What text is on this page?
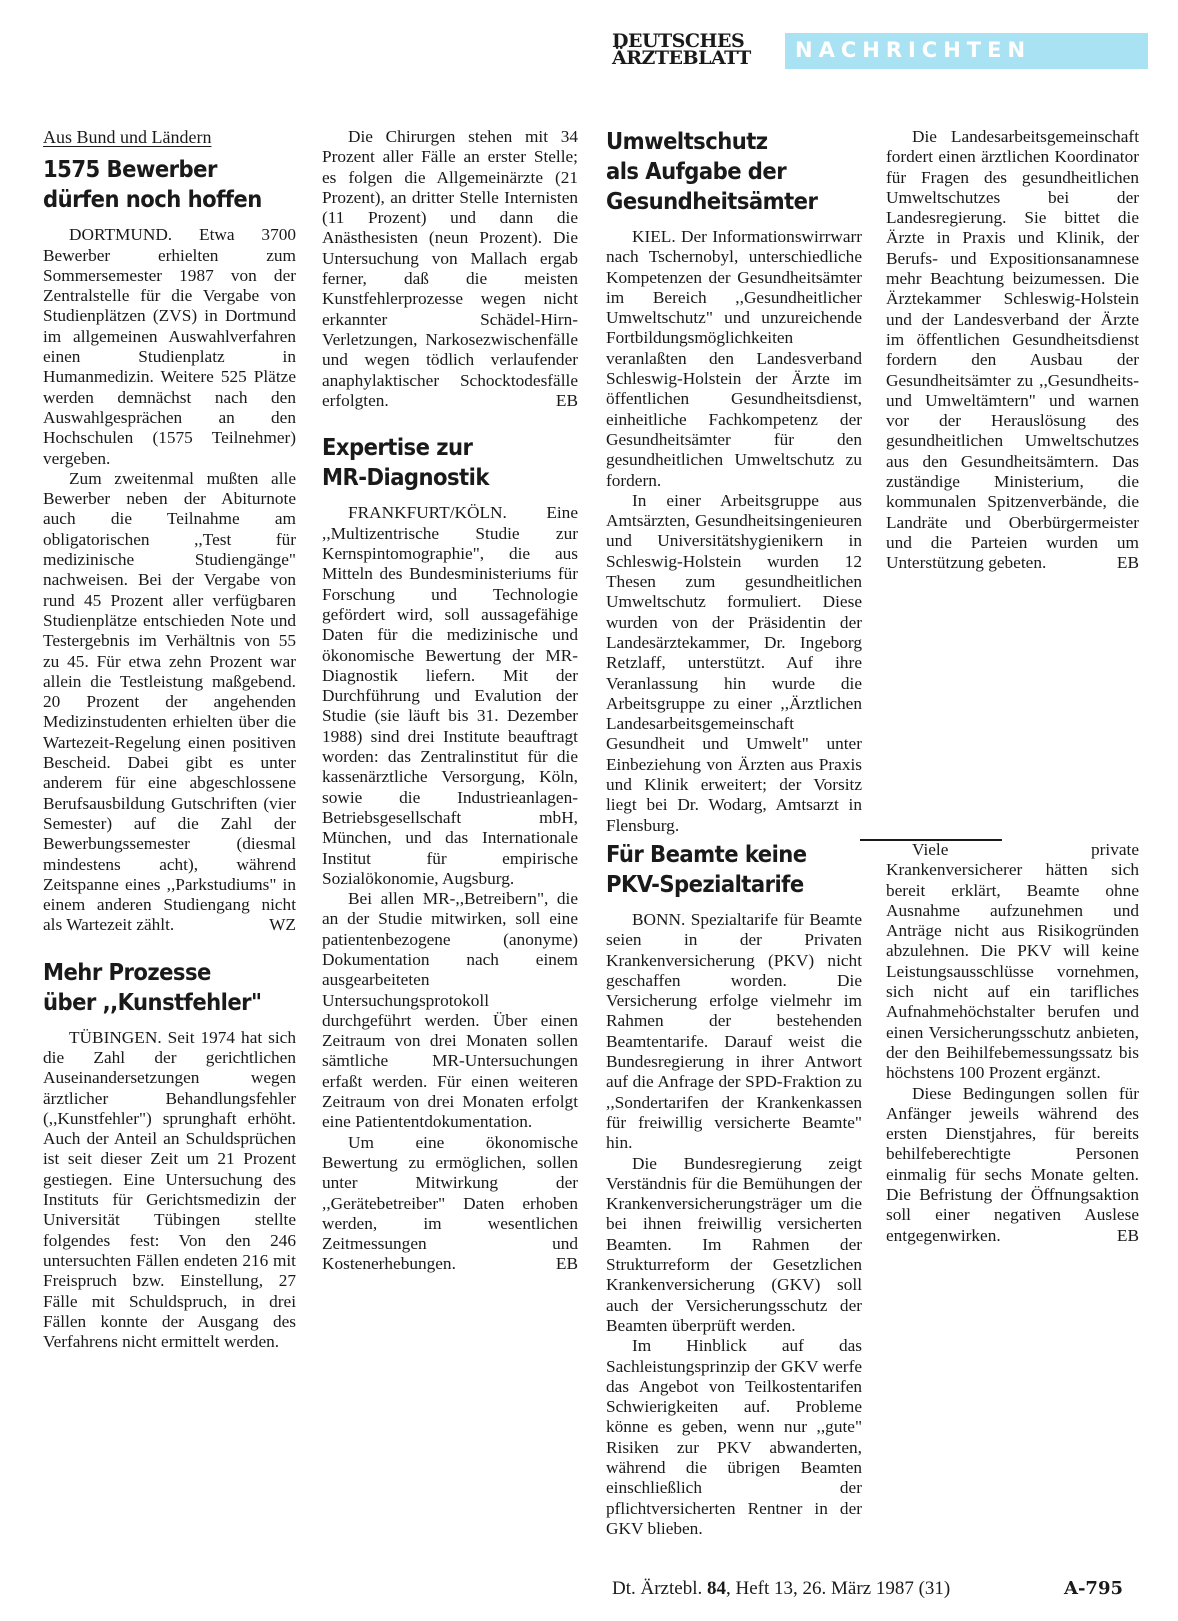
DEUTSCHES
ÄRZTEBLATT	NACHRICHTEN
Aus Bund und Ländern
1575 Bewerber
dürfen noch hoffen

DORTMUND. Etwa 3700 Bewerber erhielten zum Sommersemester 1987 von der Zentralstelle für die Vergabe von Studienplätzen (ZVS) in Dortmund im allgemeinen Auswahlverfahren einen Studienplatz in Humanmedizin. Weitere 525 Plätze werden demnächst nach den Auswahlgesprächen an den Hochschulen (1575 Teilnehmer) vergeben.

Zum zweitenmal mußten alle Bewerber neben der Abiturnote auch die Teilnahme am obligatorischen ,,Test für medizinische Studiengänge" nachweisen. Bei der Vergabe von rund 45 Prozent aller verfügbaren Studienplätze entschieden Note und Testergebnis im Verhältnis von 55 zu 45. Für etwa zehn Prozent war allein die Testleistung maßgebend. 20 Prozent der angehenden Medizinstudenten erhielten über die Wartezeit-Regelung einen positiven Bescheid. Dabei gibt es unter anderem für eine abgeschlossene Berufsausbildung Gutschriften (vier Semester) auf die Zahl der Bewerbungssemester (diesmal mindestens acht), während Zeitspanne eines ,,Parkstudiums" in einem anderen Studiengang nicht als Wartezeit zählt.	WZ

Mehr Prozesse
über ,,Kunstfehler"

TÜBINGEN. Seit 1974 hat sich die Zahl der gerichtlichen Auseinandersetzungen wegen ärztlicher Behandlungsfehler (,,Kunstfehler") sprunghaft erhöht. Auch der Anteil an Schuldsprüchen ist seit dieser Zeit um 21 Prozent gestiegen. Eine Untersuchung des Instituts für Gerichtsmedizin der Universität Tübingen stellte folgendes fest: Von den 246 untersuchten Fällen endeten 216 mit Freispruch bzw. Einstellung, 27 Fälle mit Schuldspruch, in drei Fällen konnte der Ausgang des Verfahrens nicht ermittelt werden.

Die Chirurgen stehen mit 34 Prozent aller Fälle an erster Stelle; es folgen die Allgemeinärzte (21 Prozent), an dritter Stelle Internisten (11 Prozent) und dann die Anästhesisten (neun Prozent). Die Untersuchung von Mallach ergab ferner, daß die meisten Kunstfehlerprozesse wegen nicht erkannter Schädel-Hirn-Verletzungen, Narkosezwischenfälle und wegen tödlich verlaufender anaphylaktischer Schocktodesfälle erfolgten.	EB

Expertise zur
MR-Diagnostik

FRANKFURT/KÖLN. Eine ,,Multizentrische Studie zur Kernspintomographie", die aus Mitteln des Bundesministeriums für Forschung und Technologie gefördert wird, soll aussagefähige Daten für die medizinische und ökonomische Bewertung der MR-Diagnostik liefern. Mit der Durchführung und Evalution der Studie (sie läuft bis 31. Dezember 1988) sind drei Institute beauftragt worden: das Zentralinstitut für die kassenärztliche Versorgung, Köln, sowie die Industrieanlagen-Betriebsgesellschaft mbH, München, und das Internationale Institut für empirische Sozialökonomie, Augsburg.

Bei allen MR-,,Betreibern", die an der Studie mitwirken, soll eine patientenbezogene (anonyme) Dokumentation nach einem ausgearbeiteten Untersuchungsprotokoll durchgeführt werden. Über einen Zeitraum von drei Monaten sollen sämtliche MR-Untersuchungen erfaßt werden. Für einen weiteren Zeitraum von drei Monaten erfolgt eine Patiententdokumentation.

Um eine ökonomische Bewertung zu ermöglichen, sollen unter Mitwirkung der ,,Gerätebetreiber" Daten erhoben werden, im wesentlichen Zeitmessungen und Kostenerhebungen.	EB

Umweltschutz
als Aufgabe der
Gesundheitsämter

KIEL. Der Informationswirrwarr nach Tschernobyl, unterschiedliche Kompetenzen der Gesundheitsämter im Bereich ,,Gesundheitlicher Umweltschutz" und unzureichende Fortbildungsmöglichkeiten veranlaßten den Landesverband Schleswig-Holstein der Ärzte im öffentlichen Gesundheitsdienst, einheitliche Fachkompetenz der Gesundheitsämter für den gesundheitlichen Umweltschutz zu fordern.

In einer Arbeitsgruppe aus Amtsärzten, Gesundheitsingenieuren und Universitätshygienikern in Schleswig-Holstein wurden 12 Thesen zum gesundheitlichen Umweltschutz formuliert. Diese wurden von der Präsidentin der Landesärztekammer, Dr. Ingeborg Retzlaff, unterstützt. Auf ihre Veranlassung hin wurde die Arbeitsgruppe zu einer ,,Ärztlichen Landesarbeitsgemeinschaft Gesundheit und Umwelt" unter Einbeziehung von Ärzten aus Praxis und Klinik erweitert; der Vorsitz liegt bei Dr. Wodarg, Amtsarzt in Flensburg.

Die Landesarbeitsgemeinschaft fordert einen ärztlichen Koordinator für Fragen des gesundheitlichen Umweltschutzes bei der Landesregierung. Sie bittet die Ärzte in Praxis und Klinik, der Berufs- und Expositionsanamnese mehr Beachtung beizumessen. Die Ärztekammer Schleswig-Holstein und der Landesverband der Ärzte im öffentlichen Gesundheitsdienst fordern den Ausbau der Gesundheitsämter zu ,,Gesundheits- und Umweltämtern" und warnen vor der Herauslösung des gesundheitlichen Umweltschutzes aus den Gesundheitsämtern. Das zuständige Ministerium, die kommunalen Spitzenverbände, die Landräte und Oberbürgermeister und die Parteien wurden um Unterstützung gebeten.	EB

Für Beamte keine
PKV-Spezialtarife

BONN. Spezialtarife für Beamte seien in der Privaten Krankenversicherung (PKV) nicht geschaffen worden. Die Versicherung erfolge vielmehr im Rahmen der bestehenden Beamtentarife. Darauf weist die Bundesregierung in ihrer Antwort auf die Anfrage der SPD-Fraktion zu ,,Sondertarifen der Krankenkassen für freiwillig versicherte Beamte" hin.

Die Bundesregierung zeigt Verständnis für die Bemühungen der Krankenversicherungsträger um die bei ihnen freiwillig versicherten Beamten. Im Rahmen der Strukturreform der Gesetzlichen Krankenversicherung (GKV) soll auch der Versicherungsschutz der Beamten überprüft werden.

Im Hinblick auf das Sachleistungsprinzip der GKV werfe das Angebot von Teilkostentarifen Schwierigkeiten auf. Probleme könne es geben, wenn nur ,,gute" Risiken zur PKV abwanderten, während die übrigen Beamten einschließlich der pflichtversicherten Rentner in der GKV blieben.

Viele private Krankenversicherer hätten sich bereit erklärt, Beamte ohne Ausnahme aufzunehmen und Anträge nicht aus Risikogründen abzulehnen. Die PKV will keine Leistungsausschlüsse vornehmen, sich nicht auf ein tarifliches Aufnahmehöchstalter berufen und einen Versicherungsschutz anbieten, der den Beihilfebemessungssatz bis höchstens 100 Prozent ergänzt.

Diese Bedingungen sollen für Anfänger jeweils während des ersten Dienstjahres, für bereits behilfeberechtigte Personen einmalig für sechs Monate gelten. Die Befristung der Öffnungsaktion soll einer negativen Auslese entgegenwirken.	EB

Dt. Ärztebl. 84, Heft 13, 26. März 1987 (31)	A-795
